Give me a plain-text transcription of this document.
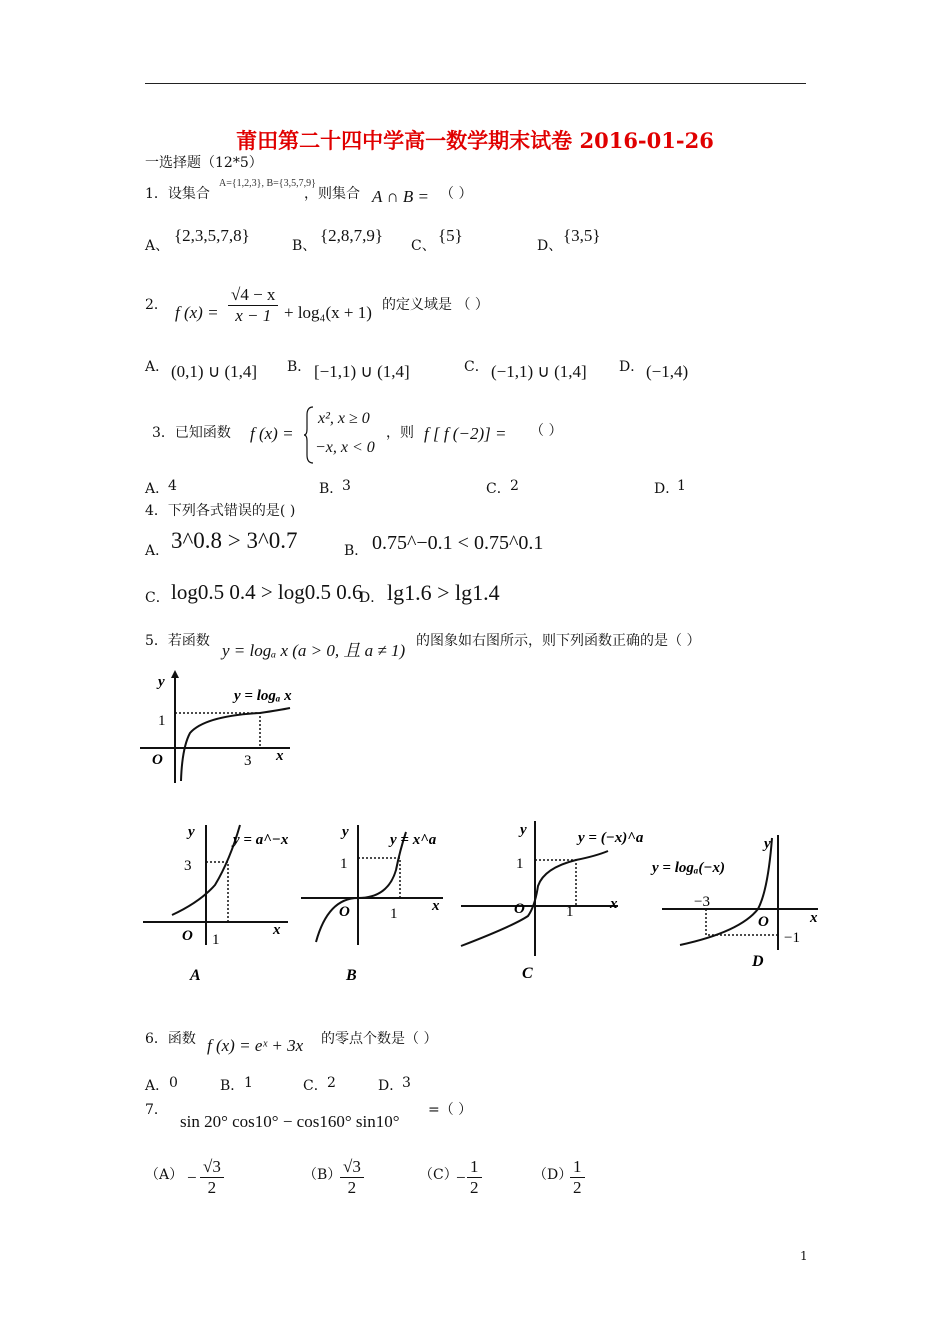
莆田第二十四中学高一数学期末试卷 2016-01-26
一选择题（12*5）
1．设集合
A={1,2,3}, B={3,5,7,9}
，则集合 A ∩ B = （ ）
A、
{2,3,5,7,8}
B、
{2,8,7,9}
C、
{5}
D、
{3,5}
2． f $(x) = \frac{√4 - x}{x - 1} + \log_4(x + 1)$ 的定义域是 （ ）
A． (0,1) ∪ (1,4] B． [−1,1) ∪ (1,4]	C． (−1,1) ∪ (1,4] D． (−1,4)
3．已知函数 f (x) =
x², x ≥ 0
−x, x < 0
，则 f [ f (−2)] = （ ）
A．
4	B．
3	C． 2	D．
1
4．下列各式错误的是( )
A． 3^0.8 > 3^0.7	B． 0.75^−0.1 < 0.75^0.1
C． log0.5 0.4 > log0.5 0.6
D． lg1.6 > lg1.4
5．若函数 y = logₐ x (a > 0, 且 a ≠ 1) 的图象如右图所示，则下列函数正确的是（ ）
y
1
O	3 x
y = logₐ x
y
3
O 1
x
y = a^−x
A
y
1
O	1 x
y = x^a
B
y
1
O	1 x
y = (−x)^a
C
y
−3
O
−1
x
y = logₐ(−x)
D
6．函数 f (x) = eˣ + 3x 的零点个数是（ ）
A． 0	B． 1	C． 2	D．
3
7．
sin 20° cos10° − cos160° sin10°
=（ ）
$(A) - \frac{√3}{2}$	（B）
$\frac{√3}{2}$	（C）
− $\frac{1}{2}$	（D）
$\frac{1}{2}$
1
